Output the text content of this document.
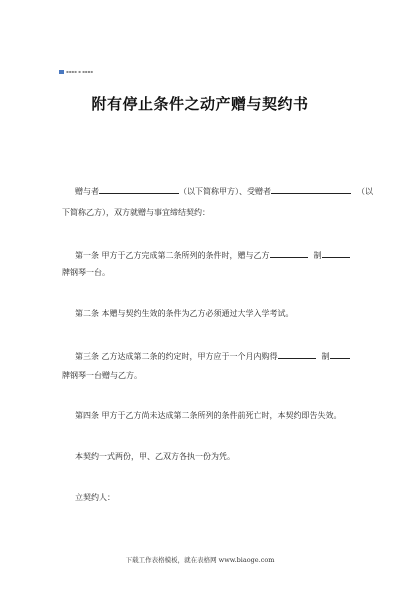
▪▪▪▪ ▪ ▪▪▪▪
附有停止条件之动产赠与契约书
赠与者	（以下简称甲方）、受赠者	（以
下简称乙方），双方就赠与事宜缔结契约：
第一条 甲方于乙方完成第二条所列的条件时，赠与乙方	制
牌钢琴一台。
第二条 本赠与契约生效的条件为乙方必须通过大学入学考试。
第三条 乙方达成第二条的约定时，甲方应于一个月内购得	制
牌钢琴一台赠与乙方。
第四条 甲方于乙方尚未达成第二条所列的条件前死亡时，本契约即告失效。
本契约一式两份，甲、乙双方各执一份为凭。
立契约人：
下载工作表格模板，就在表格网 www.biaoge.com
